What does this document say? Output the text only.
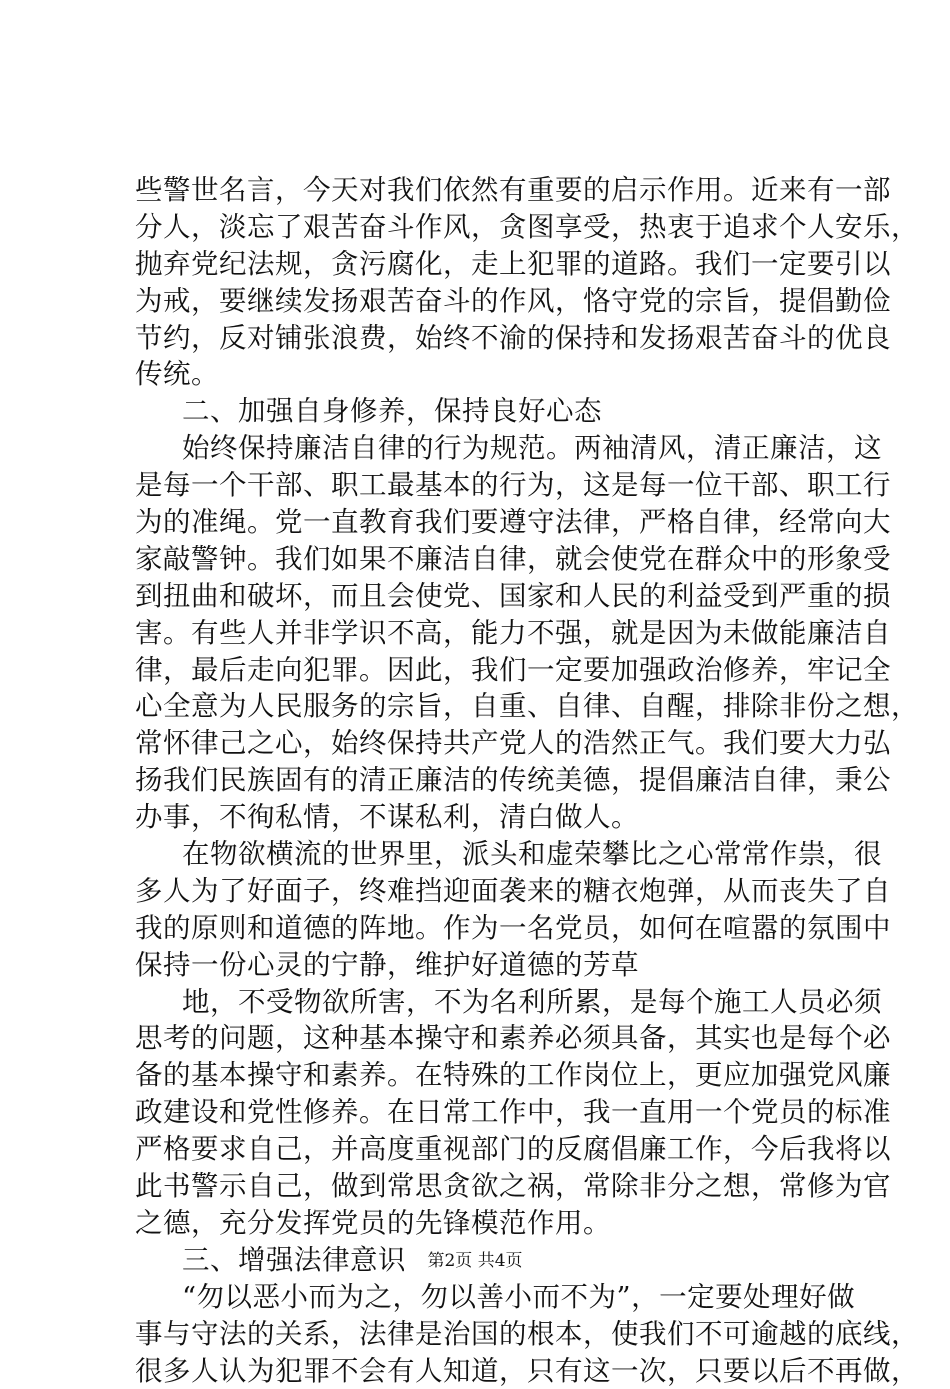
些警世名言，今天对我们依然有重要的启示作用。近来有一部
分人，淡忘了艰苦奋斗作风，贪图享受，热衷于追求个人安乐，
抛弃党纪法规，贪污腐化，走上犯罪的道路。我们一定要引以
为戒，要继续发扬艰苦奋斗的作风，恪守党的宗旨，提倡勤俭
节约，反对铺张浪费，始终不渝的保持和发扬艰苦奋斗的优良
传统。
二、加强自身修养，保持良好心态
始终保持廉洁自律的行为规范。两袖清风，清正廉洁，这
是每一个干部、职工最基本的行为，这是每一位干部、职工行
为的准绳。党一直教育我们要遵守法律，严格自律，经常向大
家敲警钟。我们如果不廉洁自律，就会使党在群众中的形象受
到扭曲和破坏，而且会使党、国家和人民的利益受到严重的损
害。有些人并非学识不高，能力不强，就是因为未做能廉洁自
律，最后走向犯罪。因此，我们一定要加强政治修养，牢记全
心全意为人民服务的宗旨，自重、自律、自醒，排除非份之想，
常怀律己之心，始终保持共产党人的浩然正气。我们要大力弘
扬我们民族固有的清正廉洁的传统美德，提倡廉洁自律，秉公
办事，不徇私情，不谋私利，清白做人。
在物欲横流的世界里，派头和虚荣攀比之心常常作祟，很
多人为了好面子，终难挡迎面袭来的糖衣炮弹，从而丧失了自
我的原则和道德的阵地。作为一名党员，如何在喧嚣的氛围中
保持一份心灵的宁静，维护好道德的芳草
地，不受物欲所害，不为名利所累，是每个施工人员必须
思考的问题，这种基本操守和素养必须具备，其实也是每个必
备的基本操守和素养。在特殊的工作岗位上，更应加强党风廉
政建设和党性修养。在日常工作中，我一直用一个党员的标准
严格要求自己，并高度重视部门的反腐倡廉工作，今后我将以
此书警示自己，做到常思贪欲之祸，常除非分之想，常修为官
之德，充分发挥党员的先锋模范作用。
三、增强法律意识
“勿以恶小而为之，勿以善小而不为”，一定要处理好做
事与守法的关系，法律是治国的根本，使我们不可逾越的底线，
很多人认为犯罪不会有人知道，只有这一次，只要以后不再做，
第2页 共4页
